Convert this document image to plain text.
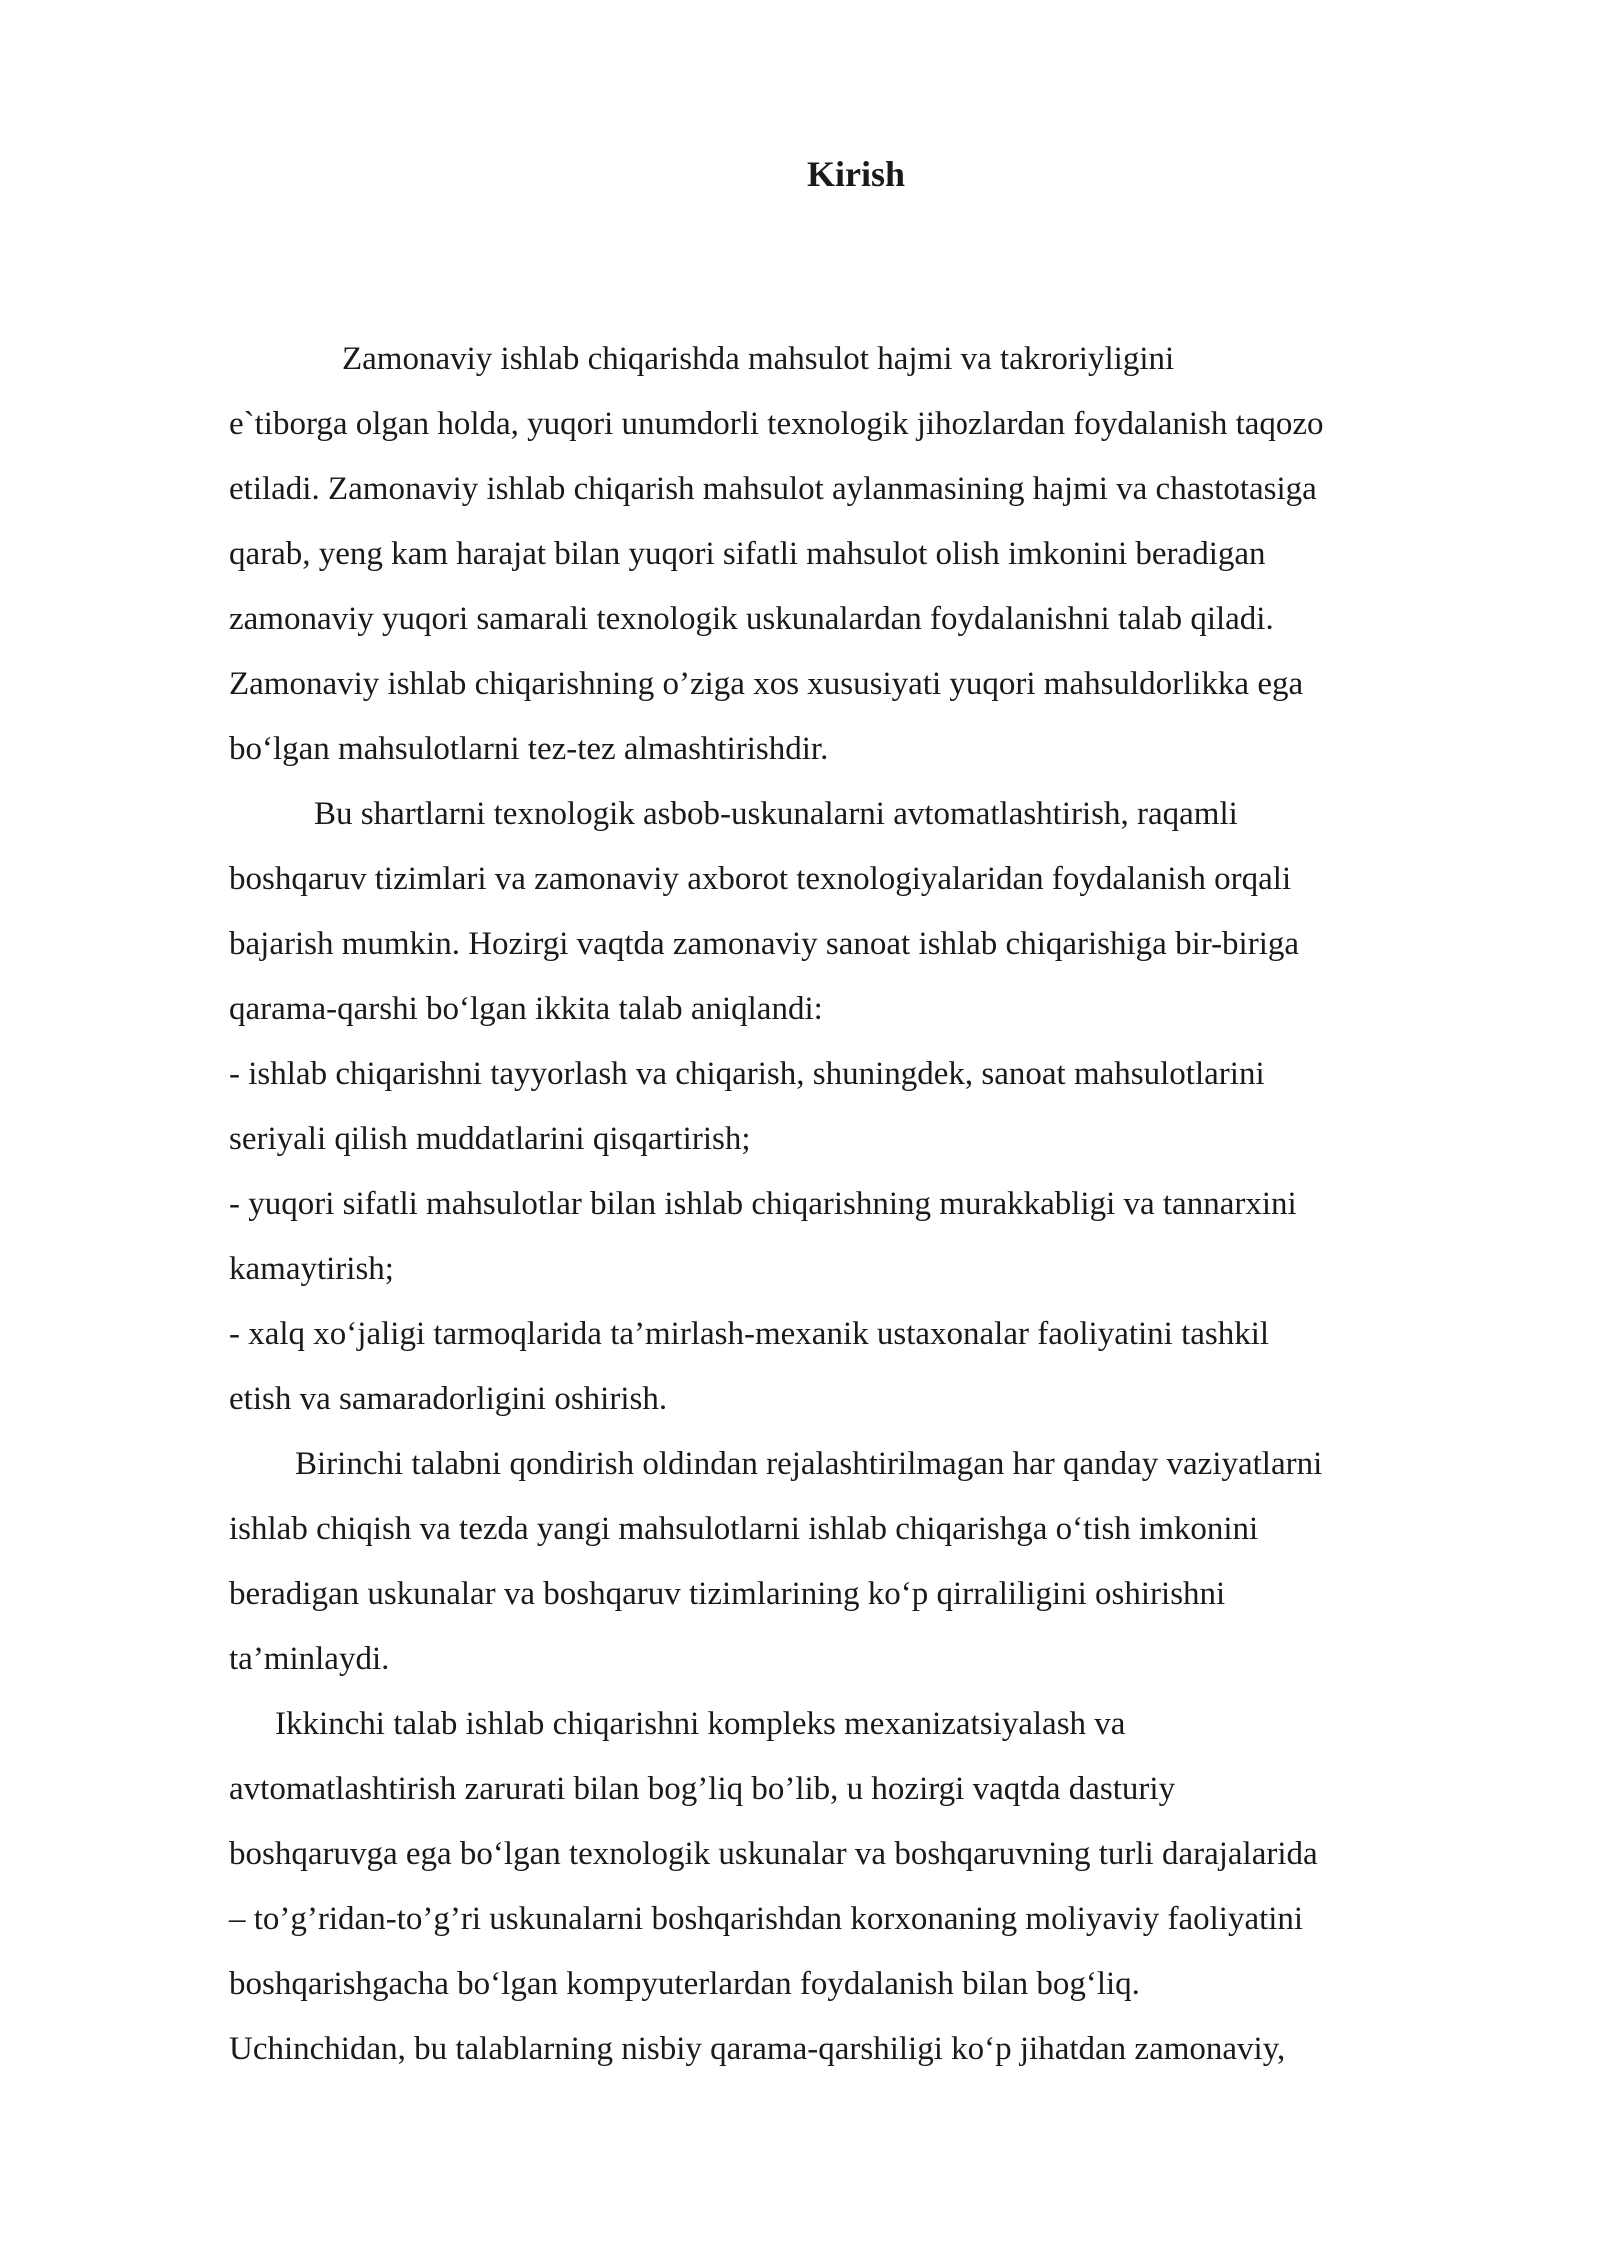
Kirish
Zamonaviy ishlab chiqarishda mahsulot hajmi va takroriyligini
e`tiborga olgan holda, yuqori unumdorli texnologik jihozlardan foydalanish taqozo
etiladi. Zamonaviy ishlab chiqarish mahsulot aylanmasining hajmi va chastotasiga
qarab, yeng kam harajat bilan yuqori sifatli mahsulot olish imkonini beradigan
zamonaviy yuqori samarali texnologik uskunalardan foydalanishni talab qiladi.
Zamonaviy ishlab chiqarishning o’ziga xos xususiyati yuqori mahsuldorlikka ega
bo‘lgan mahsulotlarni tez-tez almashtirishdir.
Bu shartlarni texnologik asbob-uskunalarni avtomatlashtirish, raqamli
boshqaruv tizimlari va zamonaviy axborot texnologiyalaridan foydalanish orqali
bajarish mumkin. Hozirgi vaqtda zamonaviy sanoat ishlab chiqarishiga bir-biriga
qarama-qarshi bo‘lgan ikkita talab aniqlandi:
- ishlab chiqarishni tayyorlash va chiqarish, shuningdek, sanoat mahsulotlarini
seriyali qilish muddatlarini qisqartirish;
- yuqori sifatli mahsulotlar bilan ishlab chiqarishning murakkabligi va tannarxini
kamaytirish;
- xalq xo‘jaligi tarmoqlarida ta’mirlash-mexanik ustaxonalar faoliyatini tashkil
etish va samaradorligini oshirish.
Birinchi talabni qondirish oldindan rejalashtirilmagan har qanday vaziyatlarni
ishlab chiqish va tezda yangi mahsulotlarni ishlab chiqarishga o‘tish imkonini
beradigan uskunalar va boshqaruv tizimlarining ko‘p qirraliligini oshirishni
ta’minlaydi.
Ikkinchi talab ishlab chiqarishni kompleks mexanizatsiyalash va
avtomatlashtirish zarurati bilan bog’liq bo’lib, u hozirgi vaqtda dasturiy
boshqaruvga ega bo‘lgan texnologik uskunalar va boshqaruvning turli darajalarida
– to’g’ridan-to’g’ri uskunalarni boshqarishdan korxonaning moliyaviy faoliyatini
boshqarishgacha bo‘lgan kompyuterlardan foydalanish bilan bog‘liq.
Uchinchidan, bu talablarning nisbiy qarama-qarshiligi ko‘p jihatdan zamonaviy,
